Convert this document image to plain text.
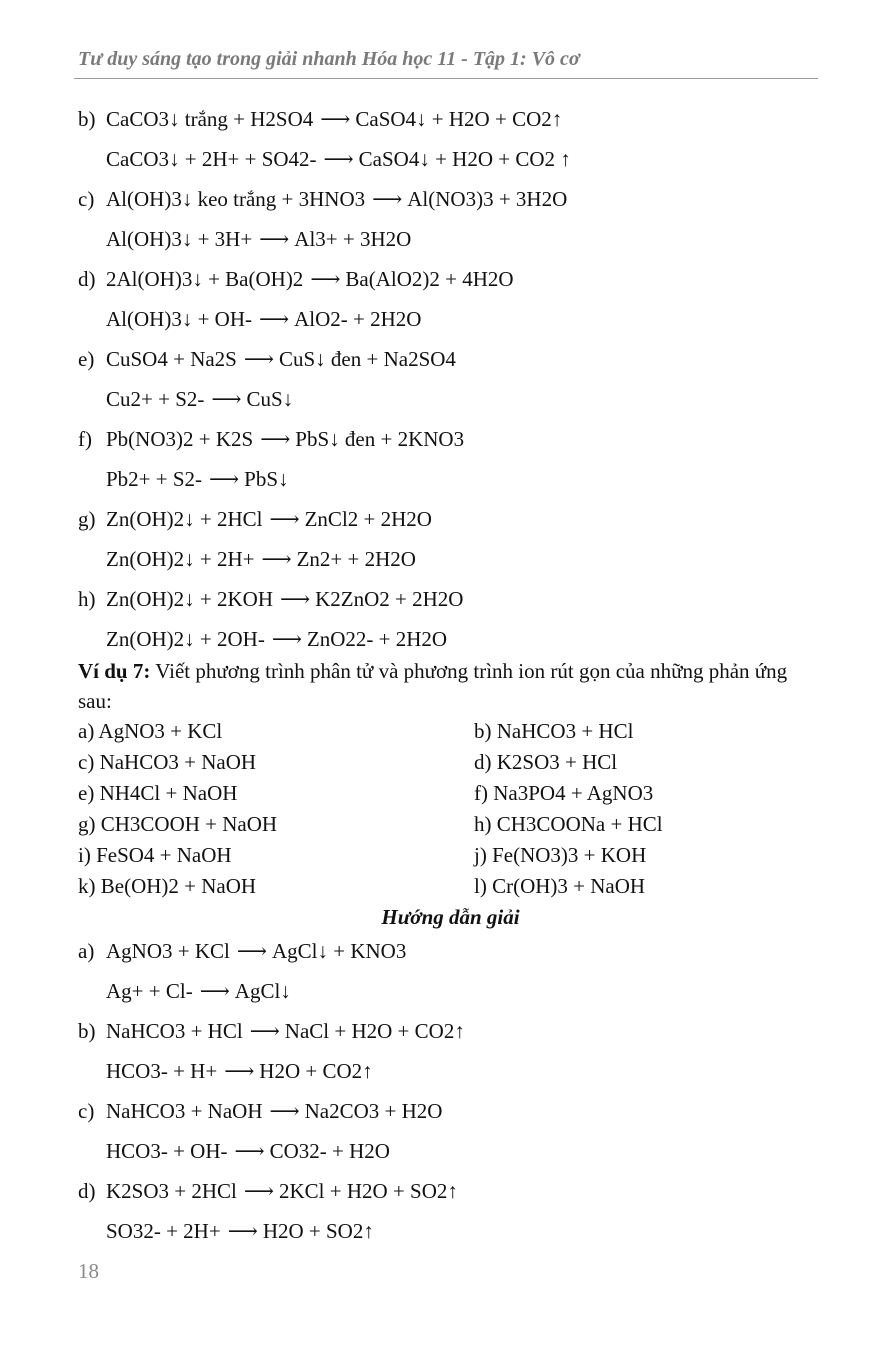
Tư duy sáng tạo trong giải nhanh Hóa học 11 - Tập 1: Vô cơ
b) CaCO3↓ trắng + H2SO4 ⟶ CaSO4↓ + H2O + CO2↑
CaCO3↓ + 2H+ + SO42- ⟶ CaSO4↓ + H2O + CO2 ↑
c) Al(OH)3↓ keo trắng + 3HNO3 ⟶ Al(NO3)3 + 3H2O
Al(OH)3↓ + 3H+ ⟶ Al3+ + 3H2O
d) 2Al(OH)3↓ + Ba(OH)2 ⟶ Ba(AlO2)2 + 4H2O
Al(OH)3↓ + OH- ⟶ AlO2- + 2H2O
e) CuSO4 + Na2S ⟶ CuS↓ đen + Na2SO4
Cu2+ + S2- ⟶ CuS↓
f) Pb(NO3)2 + K2S ⟶ PbS↓ đen + 2KNO3
Pb2+ + S2- ⟶ PbS↓
g) Zn(OH)2↓ + 2HCl ⟶ ZnCl2 + 2H2O
Zn(OH)2↓ + 2H+ ⟶ Zn2+ + 2H2O
h) Zn(OH)2↓ + 2KOH ⟶ K2ZnO2 + 2H2O
Zn(OH)2↓ + 2OH- ⟶ ZnO22- + 2H2O
Ví dụ 7: Viết phương trình phân tử và phương trình ion rút gọn của những phản ứng sau:
a) AgNO3 + KCl	b) NaHCO3 + HCl
c) NaHCO3 + NaOH	d) K2SO3 + HCl
e) NH4Cl + NaOH	f) Na3PO4 + AgNO3
g) CH3COOH + NaOH	h) CH3COONa + HCl
i) FeSO4 + NaOH	j) Fe(NO3)3 + KOH
k) Be(OH)2 + NaOH	l) Cr(OH)3 + NaOH
Hướng dẫn giải
a) AgNO3 + KCl ⟶ AgCl↓ + KNO3
Ag+ + Cl- ⟶ AgCl↓
b) NaHCO3 + HCl ⟶ NaCl + H2O + CO2↑
HCO3- + H+ ⟶ H2O + CO2↑
c) NaHCO3 + NaOH ⟶ Na2CO3 + H2O
HCO3- + OH- ⟶ CO32- + H2O
d) K2SO3 + 2HCl ⟶ 2KCl + H2O + SO2↑
SO32- + 2H+ ⟶ H2O + SO2↑
18
